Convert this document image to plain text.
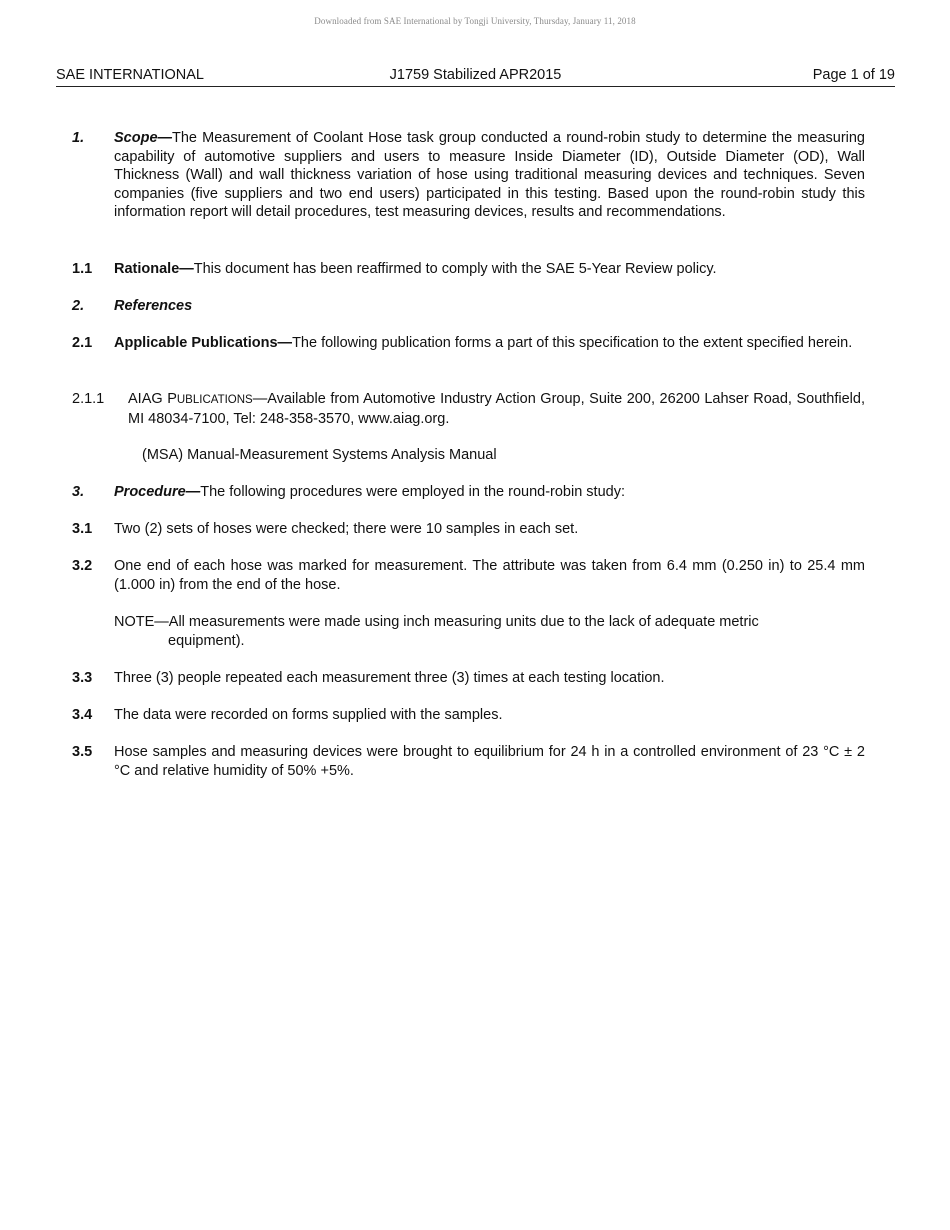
Downloaded from SAE International by Tongji University, Thursday, January 11, 2018
J1759 Stabilized APR2015
SAE INTERNATIONAL	Page 1 of 19
1. Scope—The Measurement of Coolant Hose task group conducted a round-robin study to determine the measuring capability of automotive suppliers and users to measure Inside Diameter (ID), Outside Diameter (OD), Wall Thickness (Wall) and wall thickness variation of hose using traditional measuring devices and techniques. Seven companies (five suppliers and two end users) participated in this testing. Based upon the round-robin study this information report will detail procedures, test measuring devices, results and recommendations.
1.1 Rationale—This document has been reaffirmed to comply with the SAE 5-Year Review policy.
2. References
2.1 Applicable Publications—The following publication forms a part of this specification to the extent specified herein.
2.1.1 AIAG PUBLICATIONS—Available from Automotive Industry Action Group, Suite 200, 26200 Lahser Road, Southfield, MI 48034-7100, Tel: 248-358-3570, www.aiag.org.
(MSA) Manual-Measurement Systems Analysis Manual
3. Procedure—The following procedures were employed in the round-robin study:
3.1 Two (2) sets of hoses were checked; there were 10 samples in each set.
3.2 One end of each hose was marked for measurement. The attribute was taken from 6.4 mm (0.250 in) to 25.4 mm (1.000 in) from the end of the hose.
NOTE—All measurements were made using inch measuring units due to the lack of adequate metric
equipment).
3.3 Three (3) people repeated each measurement three (3) times at each testing location.
3.4 The data were recorded on forms supplied with the samples.
3.5 Hose samples and measuring devices were brought to equilibrium for 24 h in a controlled environment of 23 °C ± 2 °C and relative humidity of 50% +5%.
